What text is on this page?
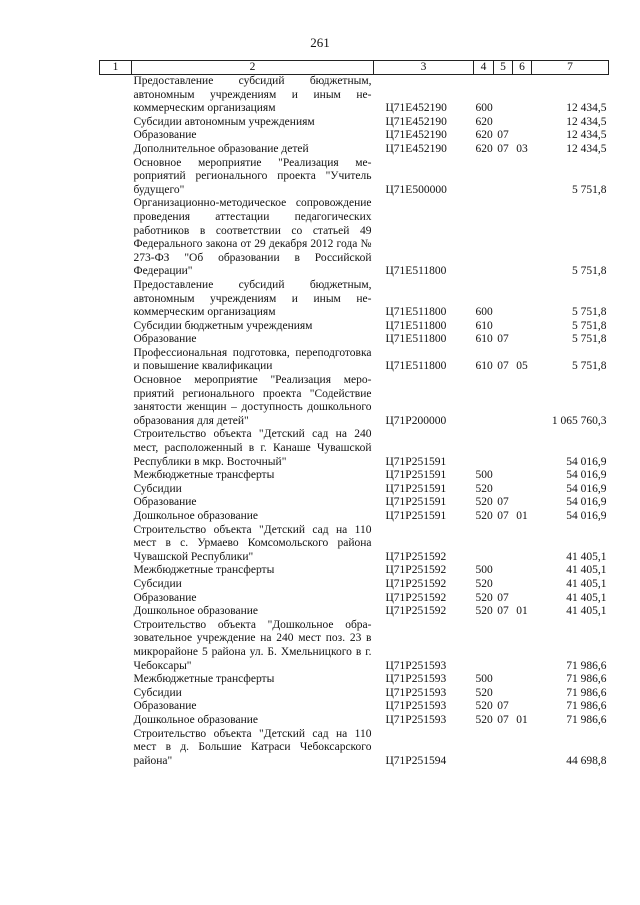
261
1	2	3	4	5	6	7
	Предоставление субсидий бюджетным, автономным учреждениям и иным некоммерческим организациям	Ц71E452190	600			12 434,5
	Субсидии автономным учреждениям	Ц71E452190	620			12 434,5
	Образование	Ц71E452190	620	07		12 434,5
	Дополнительное образование детей	Ц71E452190	620	07	03	12 434,5
	Основное мероприятие "Реализация мероприятий регионального проекта "Учитель будущего"	Ц71E500000				5 751,8
	Организационно-методическое сопровождение проведения аттестации педагогических работников в соответствии со статьей 49 Федерального закона от 29 декабря 2012 года № 273-ФЗ "Об образовании в Российской Федерации"	Ц71E511800				5 751,8
	Предоставление субсидий бюджетным, автономным учреждениям и иным некоммерческим организациям	Ц71E511800	600			5 751,8
	Субсидии бюджетным учреждениям	Ц71E511800	610			5 751,8
	Образование	Ц71E511800	610	07		5 751,8
	Профессиональная подготовка, переподготовка и повышение квалификации	Ц71E511800	610	07	05	5 751,8
	Основное мероприятие "Реализация мероприятий регионального проекта "Содействие занятости женщин – доступность дошкольного образования для детей"	Ц71P200000				1 065 760,3
	Строительство объекта "Детский сад на 240 мест, расположенный в г. Канаше Чувашской Республики в мкр. Восточный"	Ц71P251591				54 016,9
	Межбюджетные трансферты	Ц71P251591	500			54 016,9
	Субсидии	Ц71P251591	520			54 016,9
	Образование	Ц71P251591	520	07		54 016,9
	Дошкольное образование	Ц71P251591	520	07	01	54 016,9
	Строительство объекта "Детский сад на 110 мест в с. Урмаево Комсомольского района Чувашской Республики"	Ц71P251592				41 405,1
	Межбюджетные трансферты	Ц71P251592	500			41 405,1
	Субсидии	Ц71P251592	520			41 405,1
	Образование	Ц71P251592	520	07		41 405,1
	Дошкольное образование	Ц71P251592	520	07	01	41 405,1
	Строительство объекта "Дошкольное образовательное учреждение на 240 мест поз. 23 в микрорайоне 5 района ул. Б. Хмельницкого в г. Чебоксары"	Ц71P251593				71 986,6
	Межбюджетные трансферты	Ц71P251593	500			71 986,6
	Субсидии	Ц71P251593	520			71 986,6
	Образование	Ц71P251593	520	07		71 986,6
	Дошкольное образование	Ц71P251593	520	07	01	71 986,6
	Строительство объекта "Детский сад на 110 мест в д. Большие Катраси Чебоксарского района"	Ц71P251594				44 698,8
